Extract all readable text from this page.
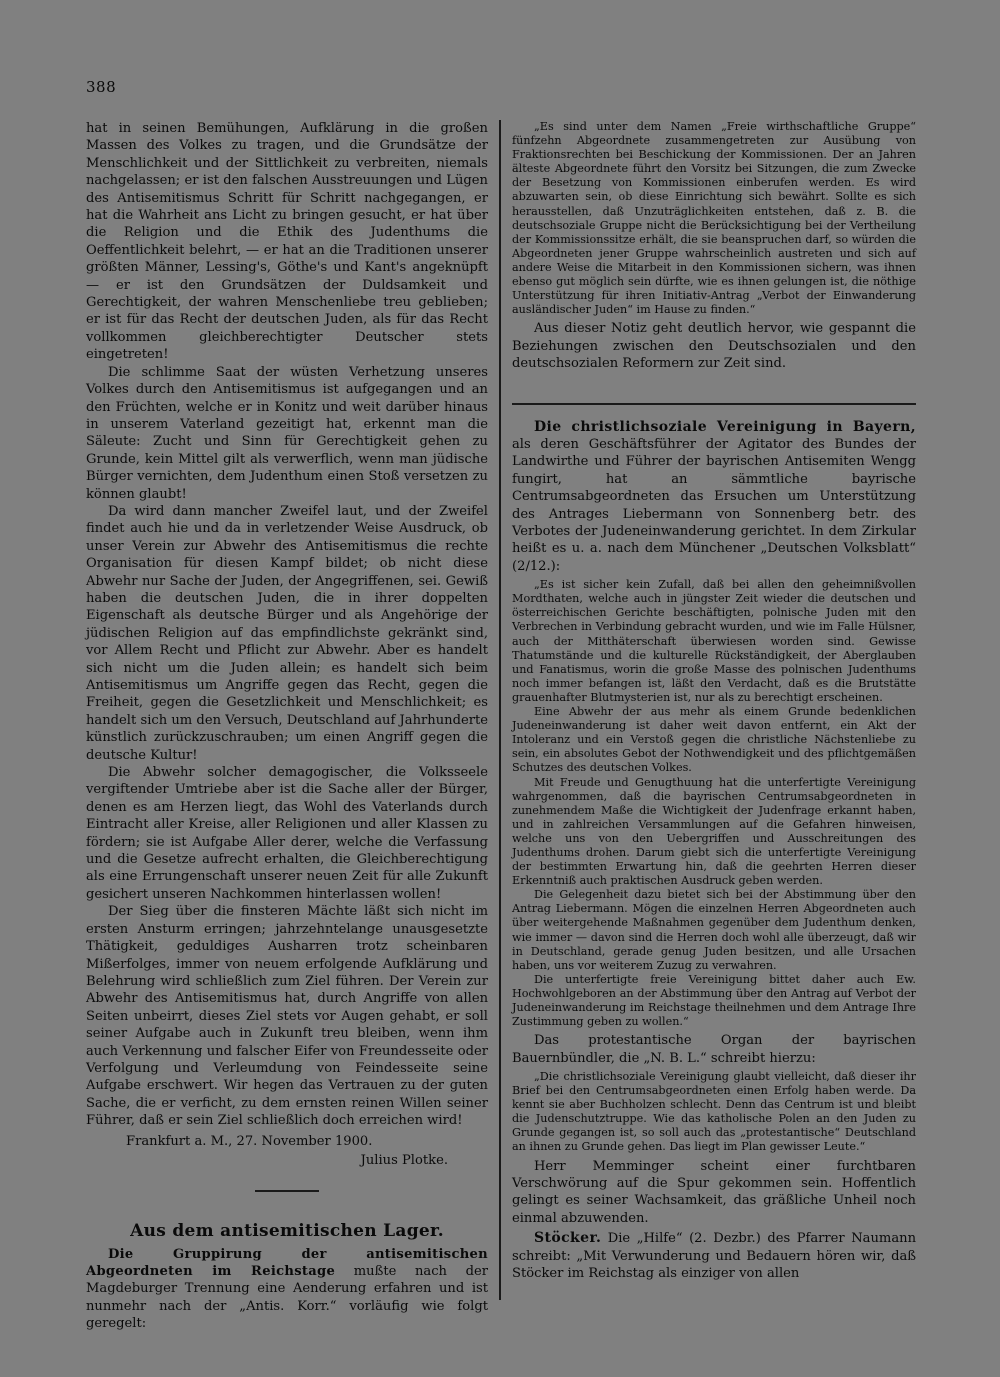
388

hat in seinen Bemühungen, Aufklärung in die großen Massen des Volkes zu tragen, und die Grundsätze der Menschlichkeit und der Sittlichkeit zu verbreiten, niemals nachgelassen; er ist den falschen Ausstreuungen und Lügen des Antisemitismus Schritt für Schritt nachgegangen, er hat die Wahrheit ans Licht zu bringen gesucht, er hat über die Religion und die Ethik des Judenthums die Oeffentlichkeit belehrt, — er hat an die Traditionen unserer größten Männer, Lessing's, Göthe's und Kant's angeknüpft — er ist den Grundsätzen der Duldsamkeit und Gerechtigkeit, der wahren Menschenliebe treu geblieben; er ist für das Recht der deutschen Juden, als für das Recht vollkommen gleichberechtigter Deutscher stets eingetreten!

Die schlimme Saat der wüsten Verhetzung unseres Volkes durch den Antisemitismus ist aufgegangen und an den Früchten, welche er in Konitz und weit darüber hinaus in unserem Vaterland gezeitigt hat, erkennt man die Säleute: Zucht und Sinn für Gerechtigkeit gehen zu Grunde, kein Mittel gilt als verwerflich, wenn man jüdische Bürger vernichten, dem Judenthum einen Stoß versetzen zu können glaubt!

Da wird dann mancher Zweifel laut, und der Zweifel findet auch hie und da in verletzender Weise Ausdruck, ob unser Verein zur Abwehr des Antisemitismus die rechte Organisation für diesen Kampf bildet; ob nicht diese Abwehr nur Sache der Juden, der Angegriffenen, sei. Gewiß haben die deutschen Juden, die in ihrer doppelten Eigenschaft als deutsche Bürger und als Angehörige der jüdischen Religion auf das empfindlichste gekränkt sind, vor Allem Recht und Pflicht zur Abwehr. Aber es handelt sich nicht um die Juden allein; es handelt sich beim Antisemitismus um Angriffe gegen das Recht, gegen die Freiheit, gegen die Gesetzlichkeit und Menschlichkeit; es handelt sich um den Versuch, Deutschland auf Jahrhunderte künstlich zurückzuschrauben; um einen Angriff gegen die deutsche Kultur!

Die Abwehr solcher demagogischer, die Volksseele vergiftender Umtriebe aber ist die Sache aller der Bürger, denen es am Herzen liegt, das Wohl des Vaterlands durch Eintracht aller Kreise, aller Religionen und aller Klassen zu fördern; sie ist Aufgabe Aller derer, welche die Verfassung und die Gesetze aufrecht erhalten, die Gleichberechtigung als eine Errungenschaft unserer neuen Zeit für alle Zukunft gesichert unseren Nachkommen hinterlassen wollen!

Der Sieg über die finsteren Mächte läßt sich nicht im ersten Ansturm erringen; jahrzehntelange unausgesetzte Thätigkeit, geduldiges Ausharren trotz scheinbaren Mißerfolges, immer von neuem erfolgende Aufklärung und Belehrung wird schließlich zum Ziel führen. Der Verein zur Abwehr des Antisemitismus hat, durch Angriffe von allen Seiten unbeirrt, dieses Ziel stets vor Augen gehabt, er soll seiner Aufgabe auch in Zukunft treu bleiben, wenn ihm auch Verkennung und falscher Eifer von Freundesseite oder Verfolgung und Verleumdung von Feindesseite seine Aufgabe erschwert. Wir hegen das Vertrauen zu der guten Sache, die er verficht, zu dem ernsten reinen Willen seiner Führer, daß er sein Ziel schließlich doch erreichen wird!

Frankfurt a. M., 27. November 1900.
Julius Plotke.
Aus dem antisemitischen Lager.

Die Gruppirung der antisemitischen Abgeordneten im Reichstage mußte nach der Magdeburger Trennung eine Aenderung erfahren und ist nunmehr nach der „Antis. Korr.“ vorläufig wie folgt geregelt:

„Es sind unter dem Namen „Freie wirthschaftliche Gruppe“ fünfzehn Abgeordnete zusammengetreten zur Ausübung von Fraktionsrechten bei Beschickung der Kommissionen. Der an Jahren älteste Abgeordnete führt den Vorsitz bei Sitzungen, die zum Zwecke der Besetzung von Kommissionen einberufen werden. Es wird abzuwarten sein, ob diese Einrichtung sich bewährt. Sollte es sich herausstellen, daß Unzuträglichkeiten entstehen, daß z. B. die deutschsoziale Gruppe nicht die Berücksichtigung bei der Vertheilung der Kommissionssitze erhält, die sie beanspruchen darf, so würden die Abgeordneten jener Gruppe wahrscheinlich austreten und sich auf andere Weise die Mitarbeit in den Kommissionen sichern, was ihnen ebenso gut möglich sein dürfte, wie es ihnen gelungen ist, die nöthige Unterstützung für ihren Initiativ-Antrag „Verbot der Einwanderung ausländischer Juden“ im Hause zu finden.“

Aus dieser Notiz geht deutlich hervor, wie gespannt die Beziehungen zwischen den Deutschsozialen und den deutschsozialen Reformern zur Zeit sind.

Die christlichsoziale Vereinigung in Bayern, als deren Geschäftsführer der Agitator des Bundes der Landwirthe und Führer der bayrischen Antisemiten Wengg fungirt, hat an sämmtliche bayrische Centrumsabgeordneten das Ersuchen um Unterstützung des Antrages Liebermann von Sonnenberg betr. des Verbotes der Judeneinwanderung gerichtet. In dem Zirkular heißt es u. a. nach dem Münchener „Deutschen Volksblatt“ (2/12.):

„Es ist sicher kein Zufall, daß bei allen den geheimnißvollen Mordthaten, welche auch in jüngster Zeit wieder die deutschen und österreichischen Gerichte beschäftigten, polnische Juden mit den Verbrechen in Verbindung gebracht wurden, und wie im Falle Hülsner, auch der Mitthäterschaft überwiesen worden sind. Gewisse Thatumstände und die kulturelle Rückständigkeit, der Aberglauben und Fanatismus, worin die große Masse des polnischen Judenthums noch immer befangen ist, läßt den Verdacht, daß es die Brutstätte grauenhafter Blutmysterien ist, nur als zu berechtigt erscheinen.

Eine Abwehr der aus mehr als einem Grunde bedenklichen Judeneinwanderung ist daher weit davon entfernt, ein Akt der Intoleranz und ein Verstoß gegen die christliche Nächstenliebe zu sein, ein absolutes Gebot der Nothwendigkeit und des pflichtgemäßen Schutzes des deutschen Volkes.

Mit Freude und Genugthuung hat die unterfertigte Vereinigung wahrgenommen, daß die bayrischen Centrumsabgeordneten in zunehmendem Maße die Wichtigkeit der Judenfrage erkannt haben, und in zahlreichen Versammlungen auf die Gefahren hinweisen, welche uns von den Uebergriffen und Ausschreitungen des Judenthums drohen. Darum giebt sich die unterfertigte Vereinigung der bestimmten Erwartung hin, daß die geehrten Herren dieser Erkenntniß auch praktischen Ausdruck geben werden.

Die Gelegenheit dazu bietet sich bei der Abstimmung über den Antrag Liebermann. Mögen die einzelnen Herren Abgeordneten auch über weitergehende Maßnahmen gegenüber dem Judenthum denken, wie immer — davon sind die Herren doch wohl alle überzeugt, daß wir in Deutschland, gerade genug Juden besitzen, und alle Ursachen haben, uns vor weiterem Zuzug zu verwahren.

Die unterfertigte freie Vereinigung bittet daher auch Ew. Hochwohlgeboren an der Abstimmung über den Antrag auf Verbot der Judeneinwanderung im Reichstage theilnehmen und dem Antrage Ihre Zustimmung geben zu wollen.“

Das protestantische Organ der bayrischen Bauernbündler, die „N. B. L.“ schreibt hierzu:

„Die christlichsoziale Vereinigung glaubt vielleicht, daß dieser ihr Brief bei den Centrumsabgeordneten einen Erfolg haben werde. Da kennt sie aber Buchholzen schlecht. Denn das Centrum ist und bleibt die Judenschutztruppe. Wie das katholische Polen an den Juden zu Grunde gegangen ist, so soll auch das „protestantische“ Deutschland an ihnen zu Grunde gehen. Das liegt im Plan gewisser Leute.“

Herr Memminger scheint einer furchtbaren Verschwörung auf die Spur gekommen sein. Hoffentlich gelingt es seiner Wachsamkeit, das gräßliche Unheil noch einmal abzuwenden.

Stöcker. Die „Hilfe“ (2. Dezbr.) des Pfarrer Naumann schreibt: „Mit Verwunderung und Bedauern hören wir, daß Stöcker im Reichstag als einziger von allen
